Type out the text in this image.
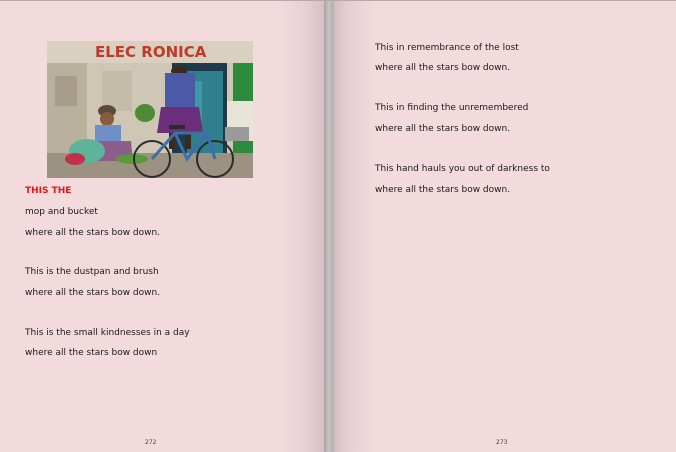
ELEC RONICA
THIS THE
mop and bucket
where all the stars bow down.
This is the dustpan and brush
where all the stars bow down.
This is the small kindnesses in a day
where all the stars bow down
272
This in remembrance of the lost
where all the stars bow down.
This in finding the unremembered
where all the stars bow down.
This hand hauls you out of darkness to
where all the stars bow down.
273
